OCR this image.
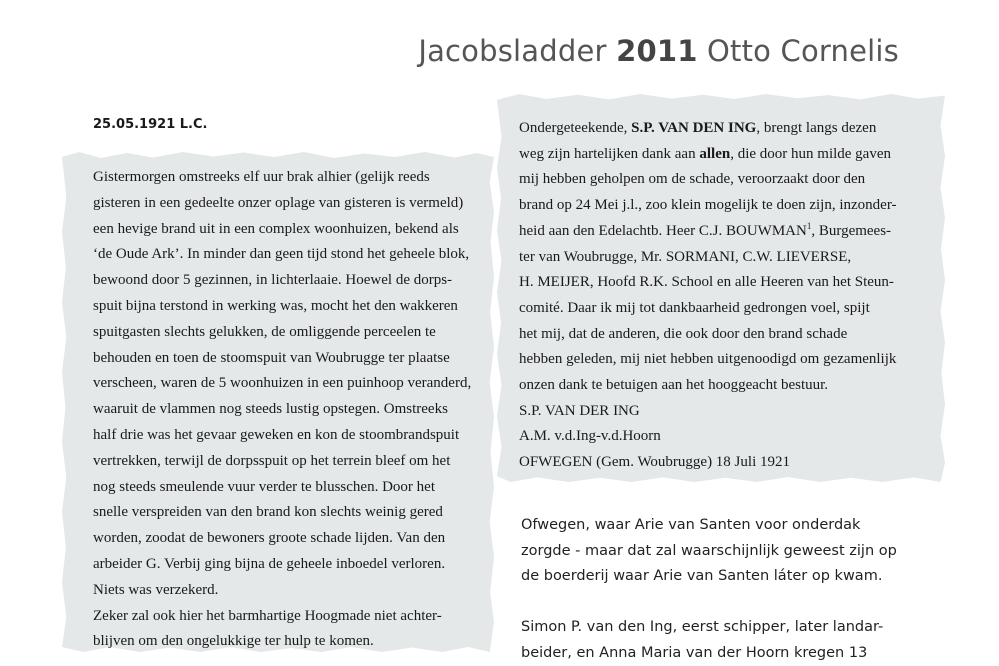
Jacobsladder 2011 Otto Cornelis
25.05.1921 L.C.
Gistermorgen omstreeks elf uur brak alhier (gelijk reeds
gisteren in een gedeelte onzer oplage van gisteren is vermeld)
een hevige brand uit in een complex woonhuizen, bekend als
‘de Oude Ark’. In minder dan geen tijd stond het geheele blok,
bewoond door 5 gezinnen, in lichterlaaie. Hoewel de dorps-
spuit bijna terstond in werking was, mocht het den wakkeren
spuitgasten slechts gelukken, de omliggende perceelen te
behouden en toen de stoomspuit van Woubrugge ter plaatse
verscheen, waren de 5 woonhuizen in een puinhoop veranderd,
waaruit de vlammen nog steeds lustig opstegen. Omstreeks
half drie was het gevaar geweken en kon de stoombrandspuit
vertrekken, terwijl de dorpsspuit op het terrein bleef om het
nog steeds smeulende vuur verder te blusschen. Door het
snelle verspreiden van den brand kon slechts weinig gered
worden, zoodat de bewoners groote schade lijden. Van den
arbeider G. Verbij ging bijna de geheele inboedel verloren.
Niets was verzekerd.
Zeker zal ook hier het barmhartige Hoogmade niet achter-
blijven om den ongelukkige ter hulp te komen.
Ondergeteekende, S.P. VAN DEN ING, brengt langs dezen
weg zijn hartelijken dank aan allen, die door hun milde gaven
mij hebben geholpen om de schade, veroorzaakt door den
brand op 24 Mei j.l., zoo klein mogelijk te doen zijn, inzonder-
heid aan den Edelachtb. Heer C.J. BOUWMAN$^1$, Burgemees-
ter van Woubrugge, Mr. SORMANI, C.W. LIEVERSE,
H. MEIJER, Hoofd R.K. School en alle Heeren van het Steun-
comité. Daar ik mij tot dankbaarheid gedrongen voel, spijt
het mij, dat de anderen, die ook door den brand schade
hebben geleden, mij niet hebben uitgenoodigd om gezamenlijk
onzen dank te betuigen aan het hooggeacht bestuur.
S.P. VAN DER ING
A.M. v.d.Ing-v.d.Hoorn
OFWEGEN (Gem. Woubrugge) 18 Juli 1921
Ofwegen, waar Arie van Santen voor onderdak
zorgde - maar dat zal waarschijnlijk geweest zijn op
de boerderij waar Arie van Santen láter op kwam.
Simon P. van den Ing, eerst schipper, later landar-
beider, en Anna Maria van der Hoorn kregen 13
